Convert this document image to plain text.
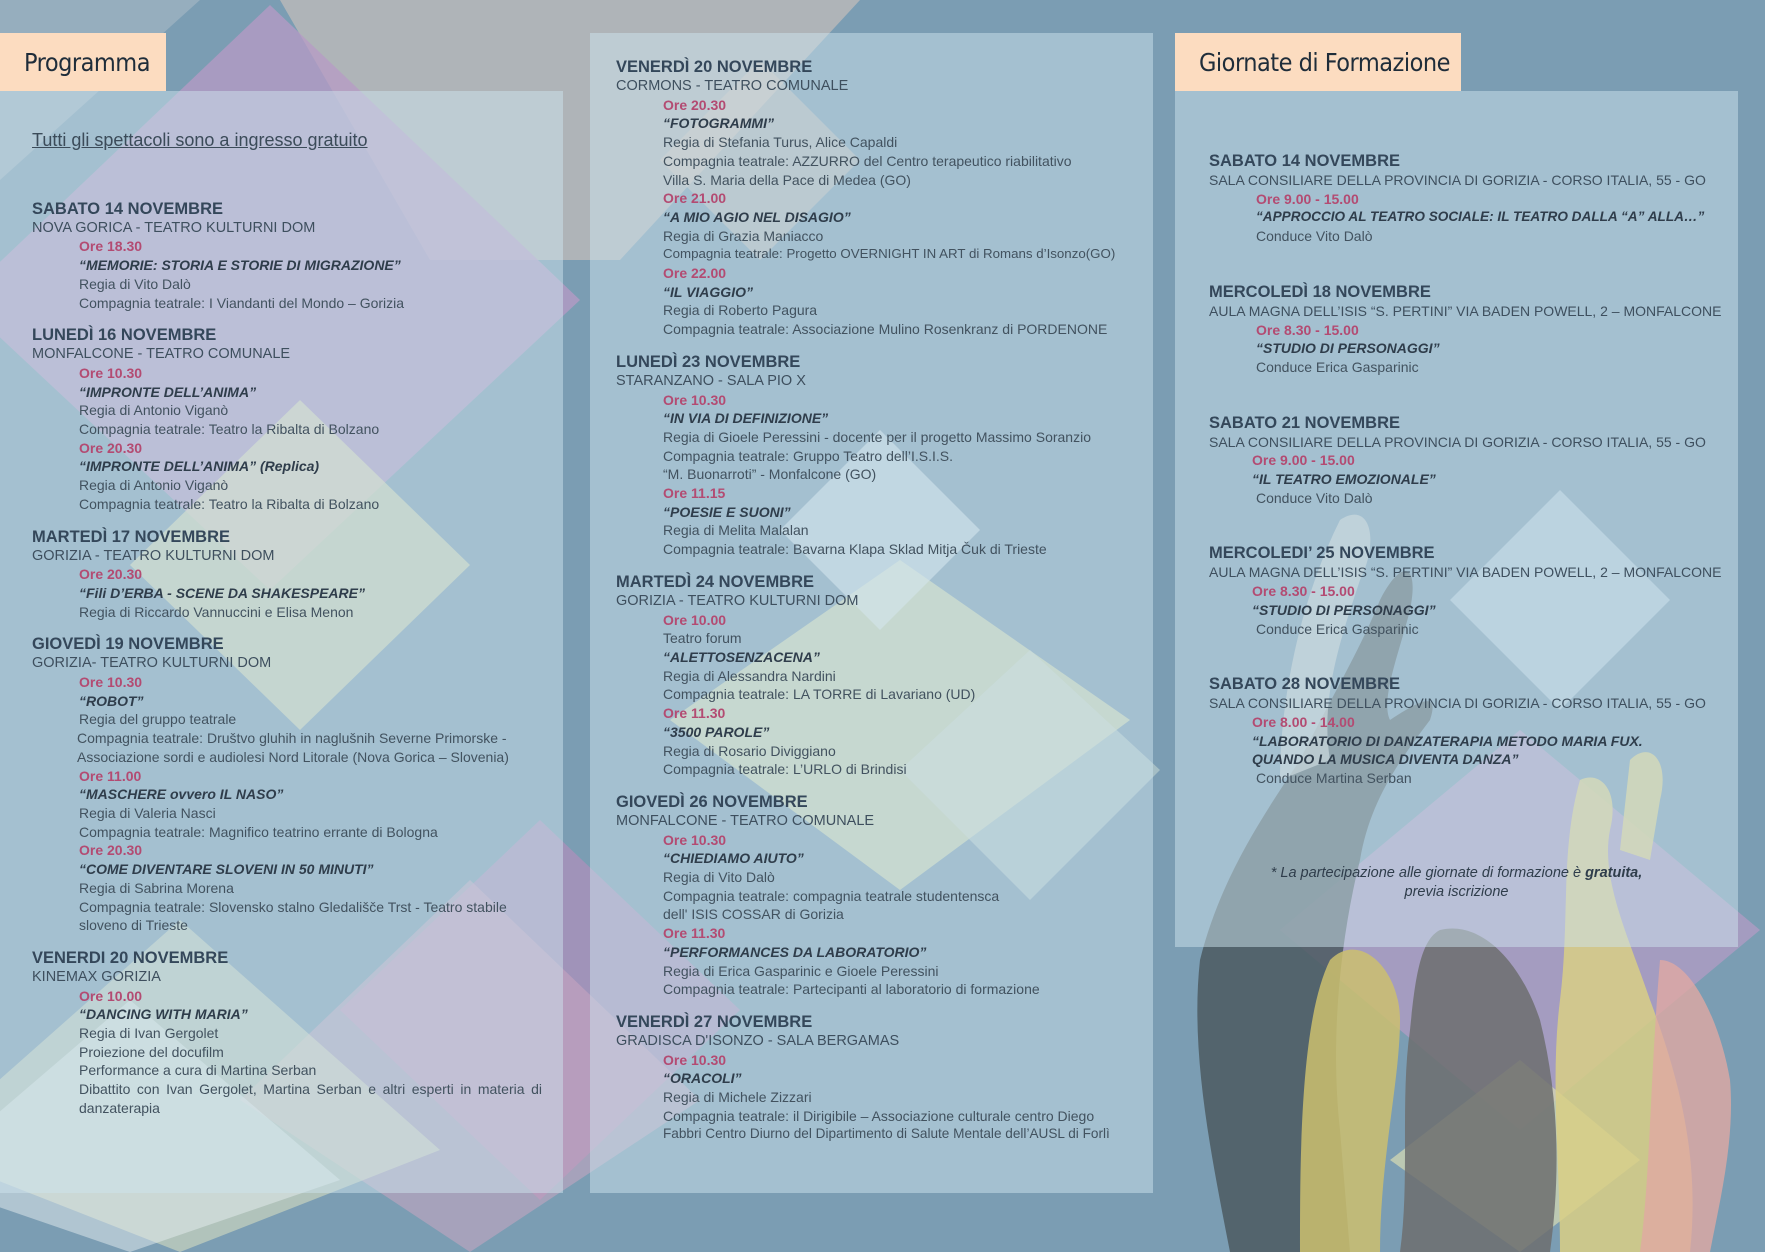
Programma	Giornate di Formazione
Tutti gli spettacoli sono a ingresso gratuito
SABATO 14 NOVEMBRE
NOVA GORICA - TEATRO KULTURNI DOM
Ore 18.30
“MEMORIE: STORIA E STORIE DI MIGRAZIONE”
Regia di Vito Dalò
Compagnia teatrale: I Viandanti del Mondo – Gorizia
LUNEDÌ 16 NOVEMBRE
MONFALCONE - TEATRO COMUNALE
Ore 10.30
“IMPRONTE DELL’ANIMA”
Regia di Antonio Viganò
Compagnia teatrale: Teatro la Ribalta di Bolzano
Ore 20.30
“IMPRONTE DELL’ANIMA” (Replica)
Regia di Antonio Viganò
Compagnia teatrale: Teatro la Ribalta di Bolzano
MARTEDÌ 17 NOVEMBRE
GORIZIA - TEATRO KULTURNI DOM
Ore 20.30
“Fili D’ERBA - SCENE DA SHAKESPEARE”
Regia di Riccardo Vannuccini e Elisa Menon
GIOVEDÌ 19 NOVEMBRE
GORIZIA- TEATRO KULTURNI DOM
Ore 10.30
“ROBOT”
Regia del gruppo teatrale
Compagnia teatrale: Društvo gluhih in naglušnih Severne Primorske - Associazione sordi e audiolesi Nord Litorale (Nova Gorica – Slovenia)
Ore 11.00
“MASCHERE ovvero IL NASO”
Regia di Valeria Nasci
Compagnia teatrale: Magnifico teatrino errante di Bologna
Ore 20.30
“COME DIVENTARE SLOVENI IN 50 MINUTI”
Regia di Sabrina Morena
Compagnia teatrale: Slovensko stalno Gledališče Trst - Teatro stabile sloveno di Trieste
VENERDI 20 NOVEMBRE
KINEMAX GORIZIA
Ore 10.00
“DANCING WITH MARIA”
Regia di Ivan Gergolet
Proiezione del docufilm
Performance a cura di Martina Serban
Dibattito con Ivan Gergolet, Martina Serban e altri esperti in materia di danzaterapia
VENERDÌ 20 NOVEMBRE
CORMONS - TEATRO COMUNALE
Ore 20.30
“FOTOGRAMMI”
Regia di Stefania Turus, Alice Capaldi
Compagnia teatrale: AZZURRO del Centro terapeutico riabilitativo
Villa S. Maria della Pace di Medea (GO)
Ore 21.00
“A MIO AGIO NEL DISAGIO”
Regia di Grazia Maniacco
Compagnia teatrale: Progetto OVERNIGHT IN ART di Romans d’Isonzo(GO)
Ore 22.00
“IL VIAGGIO”
Regia di Roberto Pagura
Compagnia teatrale: Associazione Mulino Rosenkranz di PORDENONE
LUNEDÌ 23 NOVEMBRE
STARANZANO - SALA PIO X
Ore 10.30
“IN VIA DI DEFINIZIONE”
Regia di Gioele Peressini - docente per il progetto Massimo Soranzio
Compagnia teatrale: Gruppo Teatro dell’I.S.I.S.
“M. Buonarroti” - Monfalcone (GO)
Ore 11.15
“POESIE E SUONI”
Regia di Melita Malalan
Compagnia teatrale: Bavarna Klapa Sklad Mitja Čuk di Trieste
MARTEDÌ 24 NOVEMBRE
GORIZIA - TEATRO KULTURNI DOM
Ore 10.00
Teatro forum
“ALETTOSENZACENA”
Regia di Alessandra Nardini
Compagnia teatrale: LA TORRE di Lavariano (UD)
Ore 11.30
“3500 PAROLE”
Regia di Rosario Diviggiano
Compagnia teatrale: L’URLO di Brindisi
GIOVEDÌ 26 NOVEMBRE
MONFALCONE - TEATRO COMUNALE
Ore 10.30
“CHIEDIAMO AIUTO”
Regia di Vito Dalò
Compagnia teatrale: compagnia teatrale studentensca
dell' ISIS COSSAR di Gorizia
Ore 11.30
“PERFORMANCES DA LABORATORIO”
Regia di Erica Gasparinic e Gioele Peressini
Compagnia teatrale: Partecipanti al laboratorio di formazione
VENERDÌ 27 NOVEMBRE
GRADISCA D'ISONZO - SALA BERGAMAS
Ore 10.30
“ORACOLI”
Regia di Michele Zizzari
Compagnia teatrale: il Dirigibile – Associazione culturale centro Diego
Fabbri Centro Diurno del Dipartimento di Salute Mentale dell’AUSL di Forlì
SABATO 14 NOVEMBRE
SALA CONSILIARE DELLA PROVINCIA DI GORIZIA - CORSO ITALIA, 55 - GO
Ore 9.00 - 15.00
“APPROCCIO AL TEATRO SOCIALE: IL TEATRO DALLA “A” ALLA…”
Conduce Vito Dalò
MERCOLEDÌ 18 NOVEMBRE
AULA MAGNA DELL’ISIS “S. PERTINI” VIA BADEN POWELL, 2 – MONFALCONE
Ore 8.30 - 15.00
“STUDIO DI PERSONAGGI”
Conduce Erica Gasparinic
SABATO 21 NOVEMBRE
SALA CONSILIARE DELLA PROVINCIA DI GORIZIA - CORSO ITALIA, 55 - GO
Ore 9.00 - 15.00
“IL TEATRO EMOZIONALE”
Conduce Vito Dalò
MERCOLEDI’ 25 NOVEMBRE
AULA MAGNA DELL’ISIS “S. PERTINI” VIA BADEN POWELL, 2 – MONFALCONE
Ore 8.30 - 15.00
“STUDIO DI PERSONAGGI”
Conduce Erica Gasparinic
SABATO 28 NOVEMBRE
SALA CONSILIARE DELLA PROVINCIA DI GORIZIA - CORSO ITALIA, 55 - GO
Ore 8.00 - 14.00
“LABORATORIO DI DANZATERAPIA METODO MARIA FUX. QUANDO LA MUSICA DIVENTA DANZA”
Conduce Martina Serban
* La partecipazione alle giornate di formazione è gratuita,
previa iscrizione
